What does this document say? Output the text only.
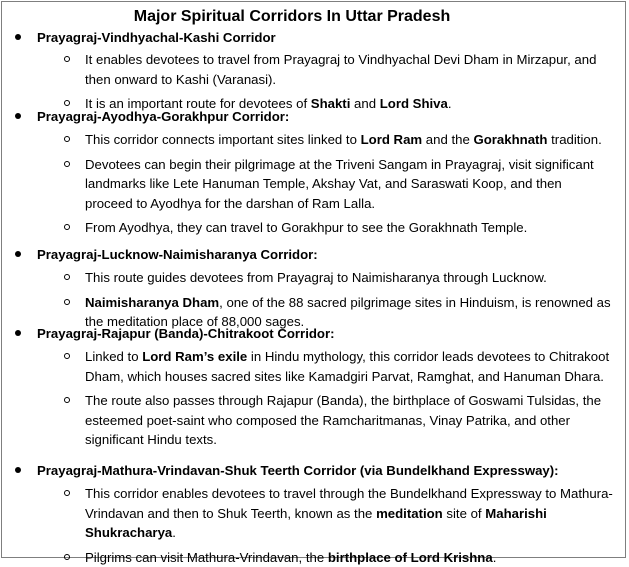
Major Spiritual Corridors In Uttar Pradesh
Prayagraj-Vindhyachal-Kashi Corridor
It enables devotees to travel from Prayagraj to Vindhyachal Devi Dham in Mirzapur, and then onward to Kashi (Varanasi).
It is an important route for devotees of Shakti and Lord Shiva.
Prayagraj-Ayodhya-Gorakhpur Corridor:
This corridor connects important sites linked to Lord Ram and the Gorakhnath tradition.
Devotees can begin their pilgrimage at the Triveni Sangam in Prayagraj, visit significant landmarks like Lete Hanuman Temple, Akshay Vat, and Saraswati Koop, and then proceed to Ayodhya for the darshan of Ram Lalla.
From Ayodhya, they can travel to Gorakhpur to see the Gorakhnath Temple.
Prayagraj-Lucknow-Naimisharanya Corridor:
This route guides devotees from Prayagraj to Naimisharanya through Lucknow.
Naimisharanya Dham, one of the 88 sacred pilgrimage sites in Hinduism, is renowned as the meditation place of 88,000 sages.
Prayagraj-Rajapur (Banda)-Chitrakoot Corridor:
Linked to Lord Ram’s exile in Hindu mythology, this corridor leads devotees to Chitrakoot Dham, which houses sacred sites like Kamadgiri Parvat, Ramghat, and Hanuman Dhara.
The route also passes through Rajapur (Banda), the birthplace of Goswami Tulsidas, the esteemed poet-saint who composed the Ramcharitmanas, Vinay Patrika, and other significant Hindu texts.
Prayagraj-Mathura-Vrindavan-Shuk Teerth Corridor (via Bundelkhand Expressway):
This corridor enables devotees to travel through the Bundelkhand Expressway to Mathura-Vrindavan and then to Shuk Teerth, known as the meditation site of Maharishi Shukracharya.
Pilgrims can visit Mathura-Vrindavan, the birthplace of Lord Krishna.
